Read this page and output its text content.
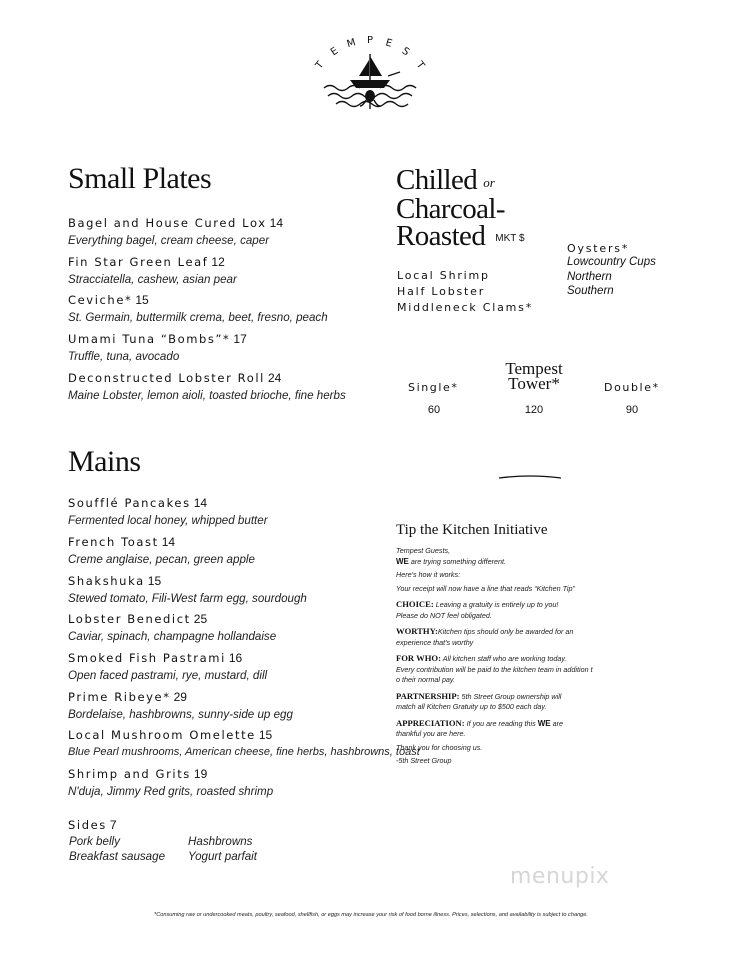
T
E
M P E
S
T
Small Plates
Bagel and House Cured Lox 14
Everything bagel, cream cheese, caper
Fin Star Green Leaf 12
Stracciatella, cashew, asian pear
Ceviche* 15
St. Germain, buttermilk crema, beet, fresno, peach
Umami Tuna “Bombs”* 17
Truffle, tuna, avocado
Deconstructed Lobster Roll 24
Maine Lobster, lemon aioli, toasted brioche, fine herbs
Chilled or
Charcoal-
Roasted MKT $
Local Shrimp
Half Lobster
Middleneck Clams*
Oysters*
Lowcountry Cups
Northern
Southern
Tempest
Tower*
Single*	Double*
60	120	90
Mains
Soufflé Pancakes 14
Fermented local honey, whipped butter
French Toast 14
Creme anglaise, pecan, green apple
Shakshuka 15
Stewed tomato, Fili-West farm egg, sourdough
Lobster Benedict 25
Caviar, spinach, champagne hollandaise
Smoked Fish Pastrami 16
Open faced pastrami, rye, mustard, dill
Prime Ribeye* 29
Bordelaise, hashbrowns, sunny-side up egg
Local Mushroom Omelette 15
Blue Pearl mushrooms, American cheese, fine herbs, hashbrowns, toast
Shrimp and Grits 19
N'duja, Jimmy Red grits, roasted shrimp
Sides 7
Pork belly
Breakfast sausage
Hashbrowns
Yogurt parfait
Tip the Kitchen Initiative
Tempest Guests,
WE are trying something different.
Here's how it works:
Your receipt will now have a line that reads “Kitchen Tip”
CHOICE: Leaving a gratuity is entirely up to you!
Please do NOT feel obligated.
WORTHY:Kitchen tips should only be awarded for an
experience that's worthy
FOR WHO: All kitchen staff who are working today.
Every contribution will be paid to the kitchen team in addition t
o their normal pay.
PARTNERSHIP: 5th Street Group ownership will
match all Kitchen Gratuity up to $500 each day.
APPRECIATION: If you are reading this WE are
thankful you are here.
Thank you for choosing us.
-5th Street Group
menupix
*Consuming raw or undercooked meats, poultry, seafood, shellfish, or eggs may increase your risk of food borne illness. Prices, selections, and availability is subject to change.
